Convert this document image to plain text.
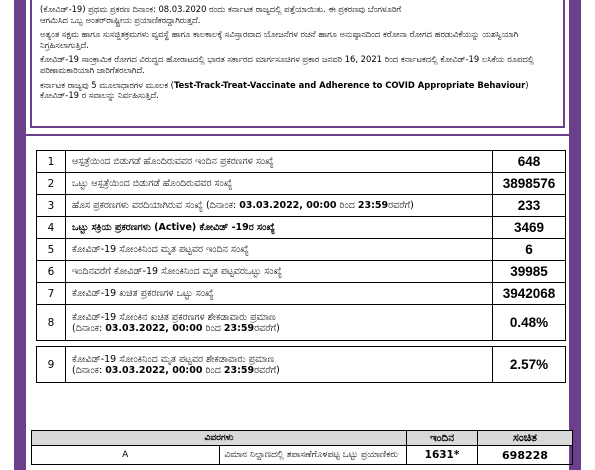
(ಕೋವಿಡ್-19) ಪ್ರಥಮ ಪ್ರಕರಣ ದಿನಾಂಕ: 08.03.2020 ರಂದು ಕರ್ನಾಟಕ ರಾಜ್ಯದಲ್ಲಿ ಪತ್ತೆಯಾಯಿತು. ಈ ಪ್ರಕರಣವು ಬೆಂಗಳೂರಿಗೆ
ಆಗಮಿಸಿದ ಒಬ್ಬ ಅಂತರ್‌ರಾಷ್ಟ್ರೀಯ ಪ್ರಯಾಣಿಕರದ್ದಾಗಿರುತ್ತದೆ.

ಅತ್ಯಂತ ಸಕ್ಷಮ ಹಾಗೂ ಸುಸಜ್ಜಿತಕ್ರಮಗಳು ವ್ಯವಸ್ಥೆ ಹಾಗೂ ಕಾಲಕಾಲಕ್ಕೆ ಸವಿಸ್ತಾರವಾದ ಯೋಜನೆಗಳ ರಚನೆ ಹಾಗೂ ಅನುಷ್ಠಾನದಿಂದ ಕರೋನಾ ರೋಗದ ಹರಡುವಿಕೆಯನ್ನು ಯಶಸ್ವಿಯಾಗಿ ನಿಗ್ರಹಿಸಲಾಗುತ್ತಿದೆ.

ಕೋವಿಡ್-19 ಸಾಂಕ್ರಾಮಿಕ ರೋಗದ ವಿರುದ್ಧದ ಹೋರಾಟದಲ್ಲಿ ಭಾರತ ಸರ್ಕಾರದ ಮಾರ್ಗಸೂಚಿಗಳ ಪ್ರಕಾರ ಜನವರಿ 16, 2021 ರಿಂದ ಕರ್ನಾಟಕದಲ್ಲಿ ಕೋವಿಡ್-19 ಲಸಿಕೆಯ ರೂಪದಲ್ಲಿ ಪರಿಣಾಮಕಾರಿಯಾಗಿ ಜಾರಿಗೆತರಲಾಗಿದೆ.

ಕರ್ನಾಟಕ ರಾಜ್ಯವು 5 ಮೂಲಾಧಾರಗಳ ಮೂಲಕ (Test-Track-Treat-Vaccinate and Adherence to COVID Appropriate Behaviour) ಕೋವಿಡ್-19 ರ ಸವಾಲನ್ನು ನಿರ್ವಹಿಸುತ್ತಿದೆ.

1	ಆಸ್ಪತ್ರೆಯಿಂದ ಬಿಡುಗಡೆ ಹೊಂದಿರುವವರ ಇಂದಿನ ಪ್ರಕರಣಗಳ ಸಂಖ್ಯೆ	648
2	ಒಟ್ಟು ಆಸ್ಪತ್ರೆಯಿಂದ ಬಿಡುಗಡೆ ಹೊಂದಿರುವವರ ಸಂಖ್ಯೆ	3898576
3	ಹೊಸ ಪ್ರಕರಣಗಳು ವರದಿಯಾಗಿರುವ ಸಂಖ್ಯೆ (ದಿನಾಂಕ: 03.03.2022, 00:00 ರಿಂದ 23:59ರವರೆಗೆ)	233
4	ಒಟ್ಟು ಸಕ್ರಿಯ ಪ್ರಕರಣಗಳು (Active) ಕೋವಿಡ್ -19ರ ಸಂಖ್ಯೆ	3469
5	ಕೋವಿಡ್-19 ಸೋಂಕಿನಿಂದ ಮೃತ ಪಟ್ಟವರ ಇಂದಿನ ಸಂಖ್ಯೆ	6
6	ಇಂದಿನವರೆಗೆ ಕೋವಿಡ್-19 ಸೋಂಕಿನಿಂದ ಮೃತ ಪಟ್ಟವರಒಟ್ಟು ಸಂಖ್ಯೆ	39985
7	ಕೋವಿಡ್-19 ಖಚಿತ ಪ್ರಕರಣಗಳ ಒಟ್ಟು ಸಂಖ್ಯೆ	3942068
8	ಕೋವಿಡ್-19 ಸೋಂಕಿನ ಖಚಿತ ಪ್ರಕರಣಗಳ ಶೇಕಡಾವಾರು ಪ್ರಮಾಣ
(ದಿನಾಂಕ: 03.03.2022, 00:00 ರಿಂದ 23:59ರವರೆಗೆ)	0.48%

9	ಕೋವಿಡ್-19 ಸೋಂಕಿನಿಂದ ಮೃತ ಪಟ್ಟವರ ಶೇಕಡಾವಾರು ಪ್ರಮಾಣ
(ದಿನಾಂಕ: 03.03.2022, 00:00 ರಿಂದ 23:59ರವರೆಗೆ)	2.57%
ವಿವರಗಳು		ಇಂದಿನ	ಸಂಚಿತ
A	ವಿಮಾನ ನಿಲ್ದಾಣದಲ್ಲಿ ತಪಾಸಣೆಗೊಳಪಟ್ಟ ಒಟ್ಟು ಪ್ರಯಾಣಿಕರು	1631*	698228
